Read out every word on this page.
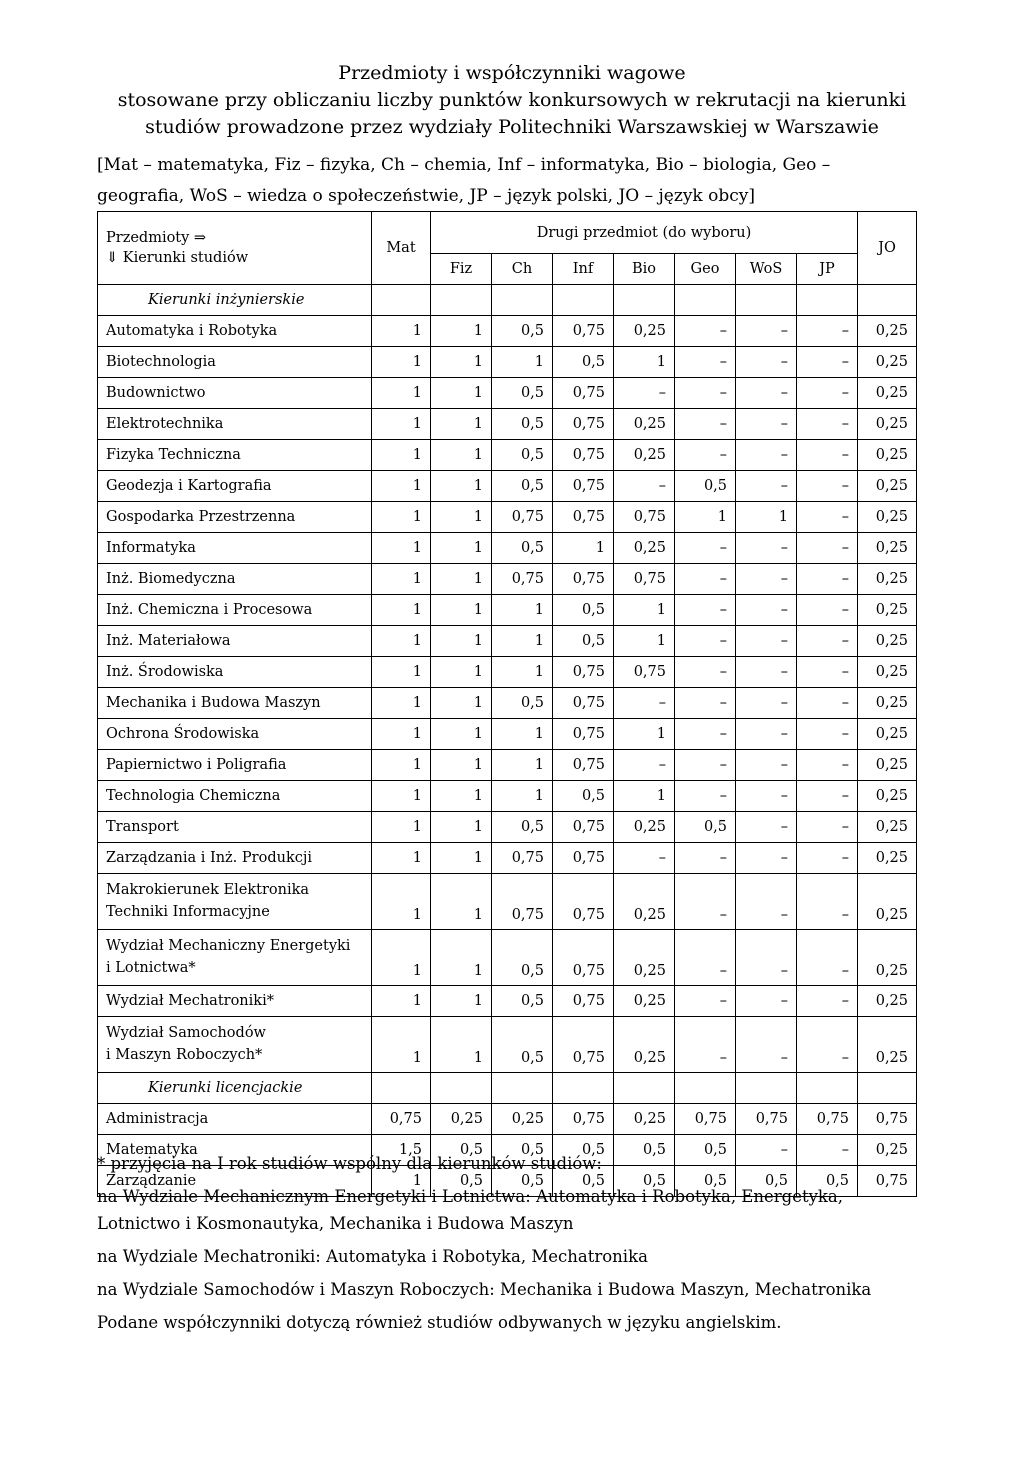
Przedmioty i współczynniki wagowe
stosowane przy obliczaniu liczby punktów konkursowych w rekrutacji na kierunki
studiów prowadzone przez wydziały Politechniki Warszawskiej w Warszawie
[Mat – matematyka, Fiz – fizyka, Ch – chemia, Inf – informatyka, Bio – biologia, Geo –
geografia, WoS – wiedza o społeczeństwie, JP – język polski, JO – język obcy]
Przedmioty ⇒
⇓ Kierunki studiów	Mat	Drugi przedmiot (do wyboru)							JO
		Fiz	Ch	Inf	Bio	Geo	WoS	JP	
Kierunki inżynierskie									
Automatyka i Robotyka	1	1	0,5	0,75	0,25	–	–	–	0,25
Biotechnologia	1	1	1	0,5	1	–	–	–	0,25
Budownictwo	1	1	0,5	0,75	–	–	–	–	0,25
Elektrotechnika	1	1	0,5	0,75	0,25	–	–	–	0,25
Fizyka Techniczna	1	1	0,5	0,75	0,25	–	–	–	0,25
Geodezja i Kartografia	1	1	0,5	0,75	–	0,5	–	–	0,25
Gospodarka Przestrzenna	1	1	0,75	0,75	0,75	1	1	–	0,25
Informatyka	1	1	0,5	1	0,25	–	–	–	0,25
Inż. Biomedyczna	1	1	0,75	0,75	0,75	–	–	–	0,25
Inż. Chemiczna i Procesowa	1	1	1	0,5	1	–	–	–	0,25
Inż. Materiałowa	1	1	1	0,5	1	–	–	–	0,25
Inż. Środowiska	1	1	1	0,75	0,75	–	–	–	0,25
Mechanika i Budowa Maszyn	1	1	0,5	0,75	–	–	–	–	0,25
Ochrona Środowiska	1	1	1	0,75	1	–	–	–	0,25
Papiernictwo i Poligrafia	1	1	1	0,75	–	–	–	–	0,25
Technologia Chemiczna	1	1	1	0,5	1	–	–	–	0,25
Transport	1	1	0,5	0,75	0,25	0,5	–	–	0,25
Zarządzania i Inż. Produkcji	1	1	0,75	0,75	–	–	–	–	0,25

Makrokierunek Elektronika
Techniki Informacyjne	1	1	0,75	0,75	0,25	–	–	–	0,25

Wydział Mechaniczny Energetyki
i Lotnictwa*	1	1	0,5	0,75	0,25	–	–	–	0,25
Wydział Mechatroniki*	1	1	0,5	0,75	0,25	–	–	–	0,25

Wydział Samochodów
i Maszyn Roboczych*	1	1	0,5	0,75	0,25	–	–	–	0,25
Kierunki licencjackie									
Administracja	0,75	0,25	0,25	0,75	0,25	0,75	0,75	0,75	0,75
Matematyka	1,5	0,5	0,5	0,5	0,5	0,5	–	–	0,25
Zarządzanie	1	0,5	0,5	0,5	0,5	0,5	0,5	0,5	0,75

* przyjęcia na I rok studiów wspólny dla kierunków studiów:

na Wydziale Mechanicznym Energetyki i Lotnictwa: Automatyka i Robotyka, Energetyka, Lotnictwo i Kosmonautyka, Mechanika i Budowa Maszyn

na Wydziale Mechatroniki: Automatyka i Robotyka, Mechatronika

na Wydziale Samochodów i Maszyn Roboczych: Mechanika i Budowa Maszyn, Mechatronika

Podane współczynniki dotyczą również studiów odbywanych w języku angielskim.
